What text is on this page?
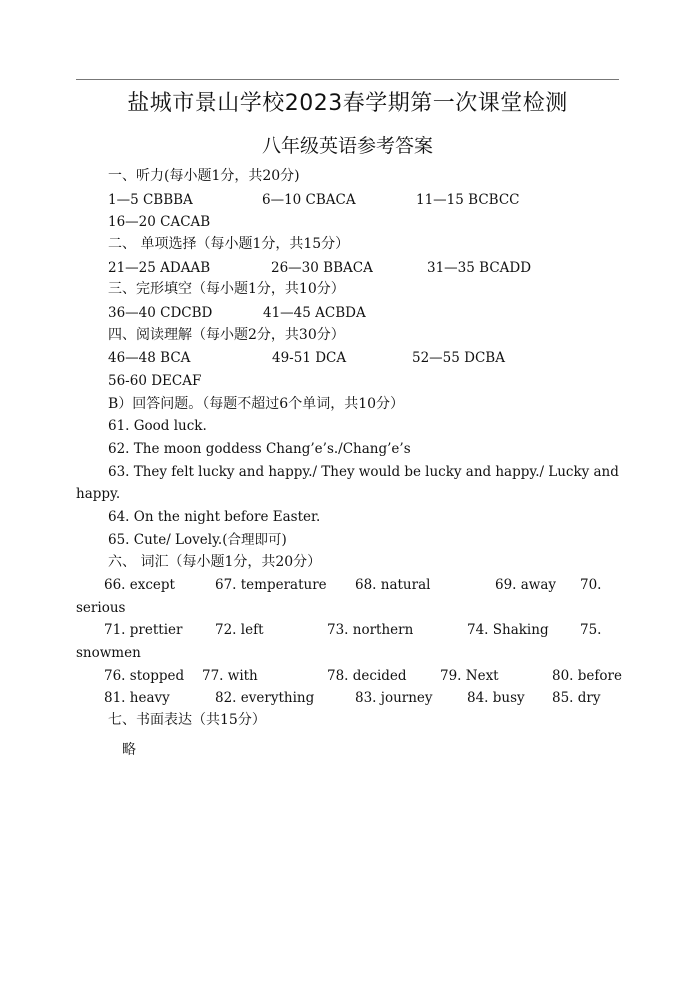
盐城市景山学校2023春学期第一次课堂检测
八年级英语参考答案
一、听力(每小题1分，共20分)
1—5 CBBBA	6—10 CBACA	11—15 BCBCC
16—20 CACAB
二、 单项选择（每小题1分，共15分）
21—25 ADAAB	26—30 BBACA	31—35 BCADD
三、完形填空（每小题1分，共10分）
36—40 CDCBD	41—45 ACBDA
四、阅读理解（每小题2分，共30分）
46—48 BCA	49-51 DCA	52—55 DCBA
56-60 DECAF
B）回答问题。（每题不超过6个单词，共10分）
61. Good luck.
62. The moon goddess Chang’e’s./Chang’e’s
63. They felt lucky and happy./ They would be lucky and happy./ Lucky and
happy.
64. On the night before Easter.
65. Cute/ Lovely.(合理即可)
六、 词汇（每小题1分，共20分）
66. except	67. temperature 68. natural	69. away 70.
serious
71. prettier 72. left	73. northern	74. Shaking 75.
snowmen
76. stopped 77. with	78. decided 79. Next	80. before
81. heavy	82. everything	83. journey	84. busy 85. dry
七、书面表达（共15分）
略
